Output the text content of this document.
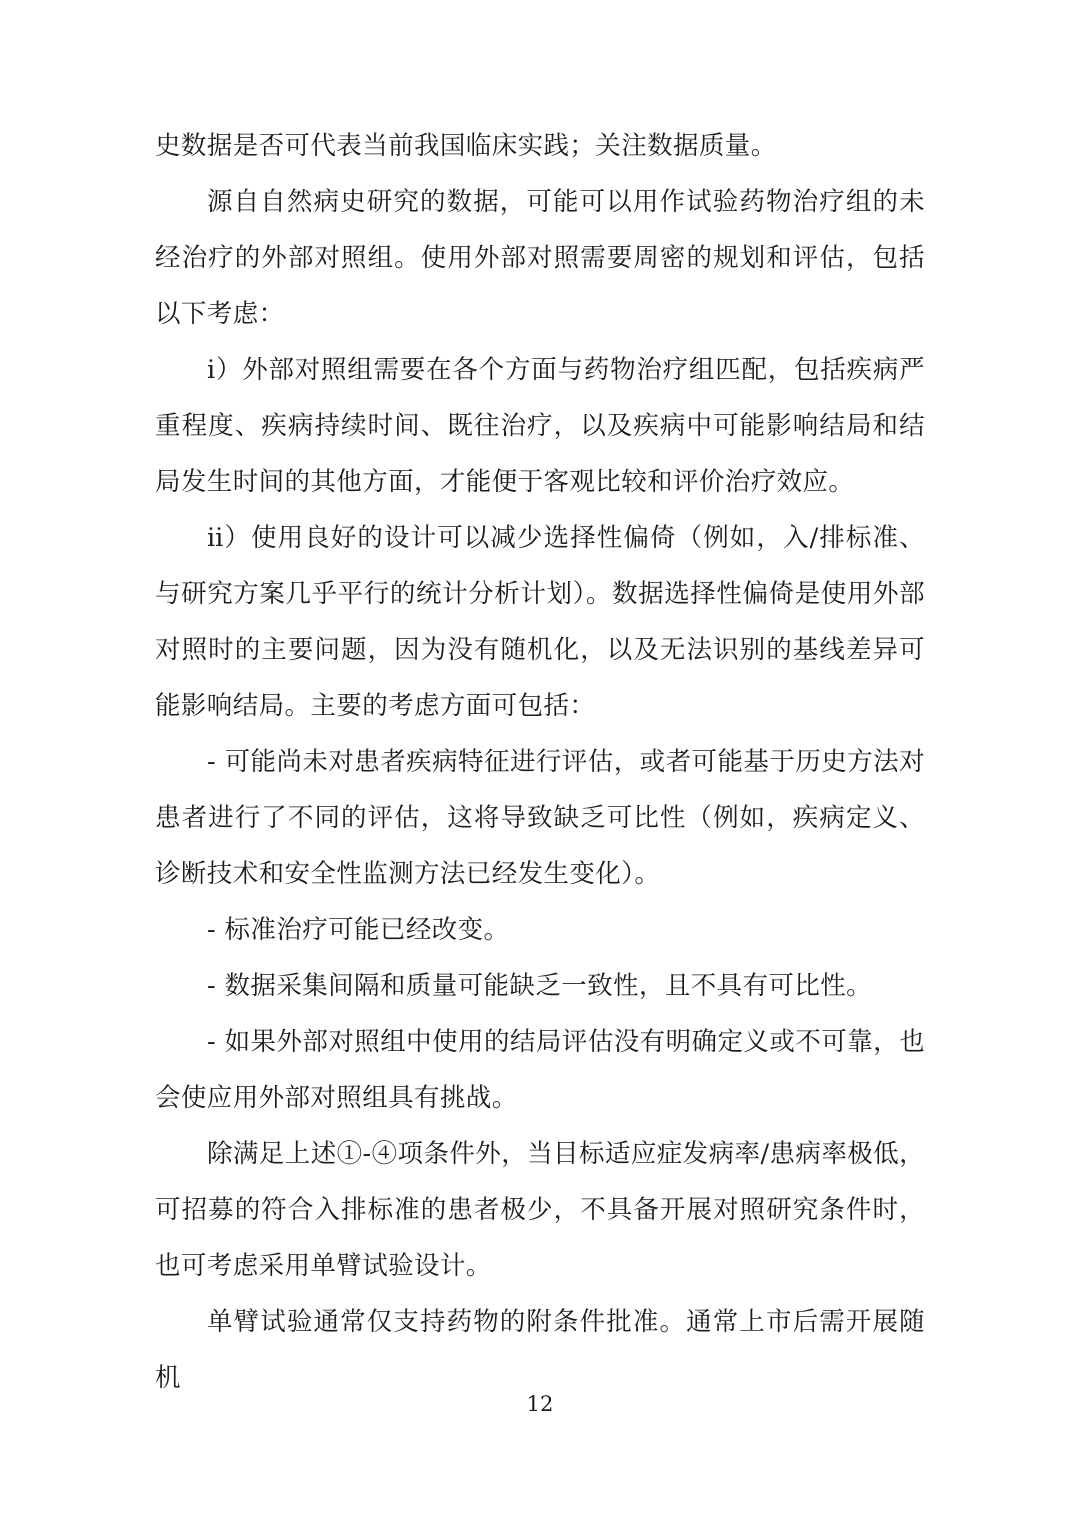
史数据是否可代表当前我国临床实践；关注数据质量。

源自自然病史研究的数据，可能可以用作试验药物治疗组的未经治疗的外部对照组。使用外部对照需要周密的规划和评估，包括以下考虑：

ⅰ）外部对照组需要在各个方面与药物治疗组匹配，包括疾病严重程度、疾病持续时间、既往治疗，以及疾病中可能影响结局和结局发生时间的其他方面，才能便于客观比较和评价治疗效应。

ⅱ）使用良好的设计可以减少选择性偏倚（例如，入/排标准、与研究方案几乎平行的统计分析计划）。数据选择性偏倚是使用外部对照时的主要问题，因为没有随机化，以及无法识别的基线差异可能影响结局。主要的考虑方面可包括：

- 可能尚未对患者疾病特征进行评估，或者可能基于历史方法对患者进行了不同的评估，这将导致缺乏可比性（例如，疾病定义、诊断技术和安全性监测方法已经发生变化）。

- 标准治疗可能已经改变。

- 数据采集间隔和质量可能缺乏一致性，且不具有可比性。

- 如果外部对照组中使用的结局评估没有明确定义或不可靠，也会使应用外部对照组具有挑战。

除满足上述①-④项条件外，当目标适应症发病率/患病率极低，可招募的符合入排标准的患者极少，不具备开展对照研究条件时，也可考虑采用单臂试验设计。

单臂试验通常仅支持药物的附条件批准。通常上市后需开展随机

12
